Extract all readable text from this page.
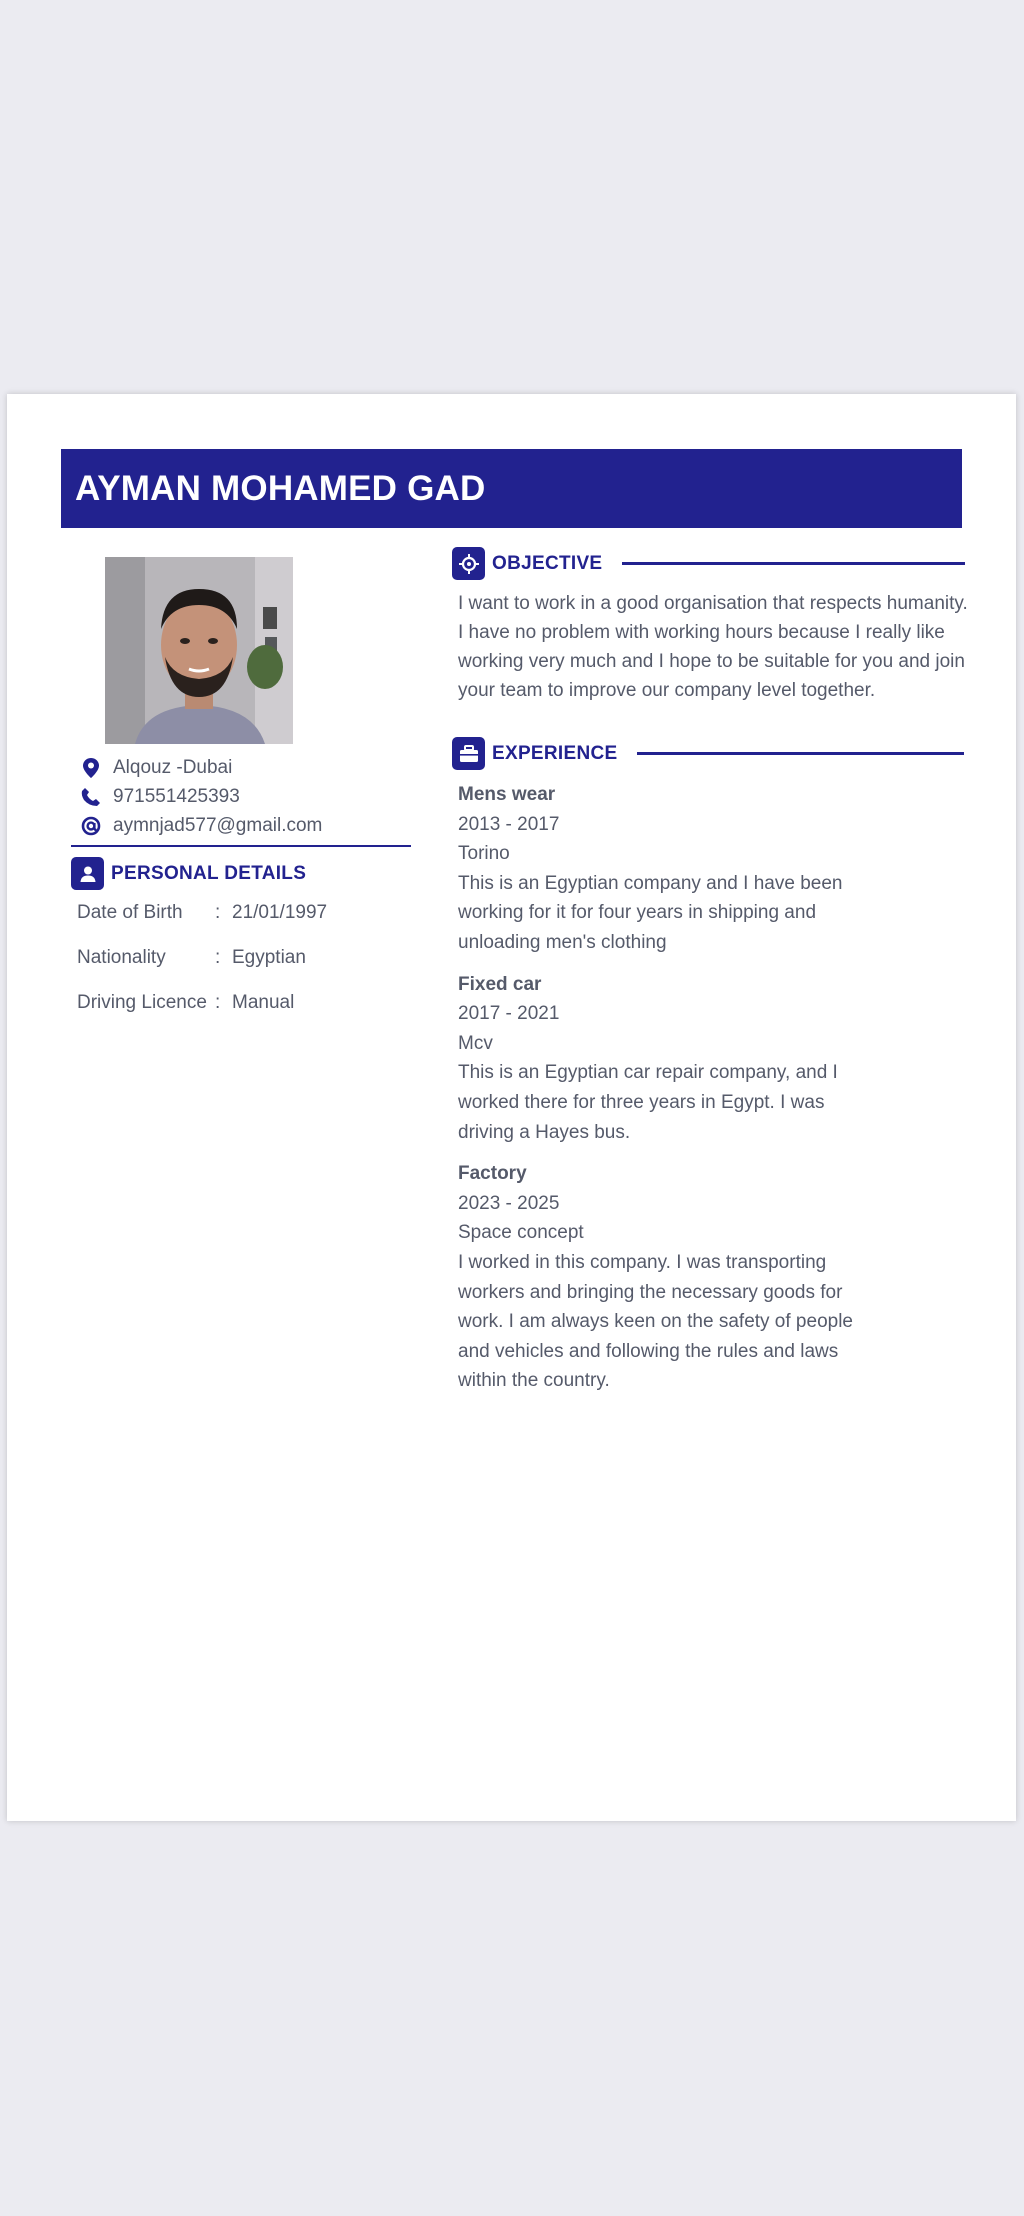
AYMAN MOHAMED GAD
Alqouz -Dubai
971551425393
aymnjad577@gmail.com
PERSONAL DETAILS
Date of Birth	: 21/01/1997
Nationality	: Egyptian
Driving Licence : Manual
OBJECTIVE

I want to work in a good organisation that respects humanity. I have no problem with working hours because I really like working very much and I hope to be suitable for you and join your team to improve our company level together.

EXPERIENCE
Mens wear
2013 - 2017
Torino
This is an Egyptian company and I have been working for it for four years in shipping and unloading men's clothing
Fixed car
2017 - 2021
Mcv
This is an Egyptian car repair company, and I worked there for three years in Egypt. I was driving a Hayes bus.
Factory
2023 - 2025
Space concept
I worked in this company. I was transporting workers and bringing the necessary goods for work. I am always keen on the safety of people and vehicles and following the rules and laws within the country.
